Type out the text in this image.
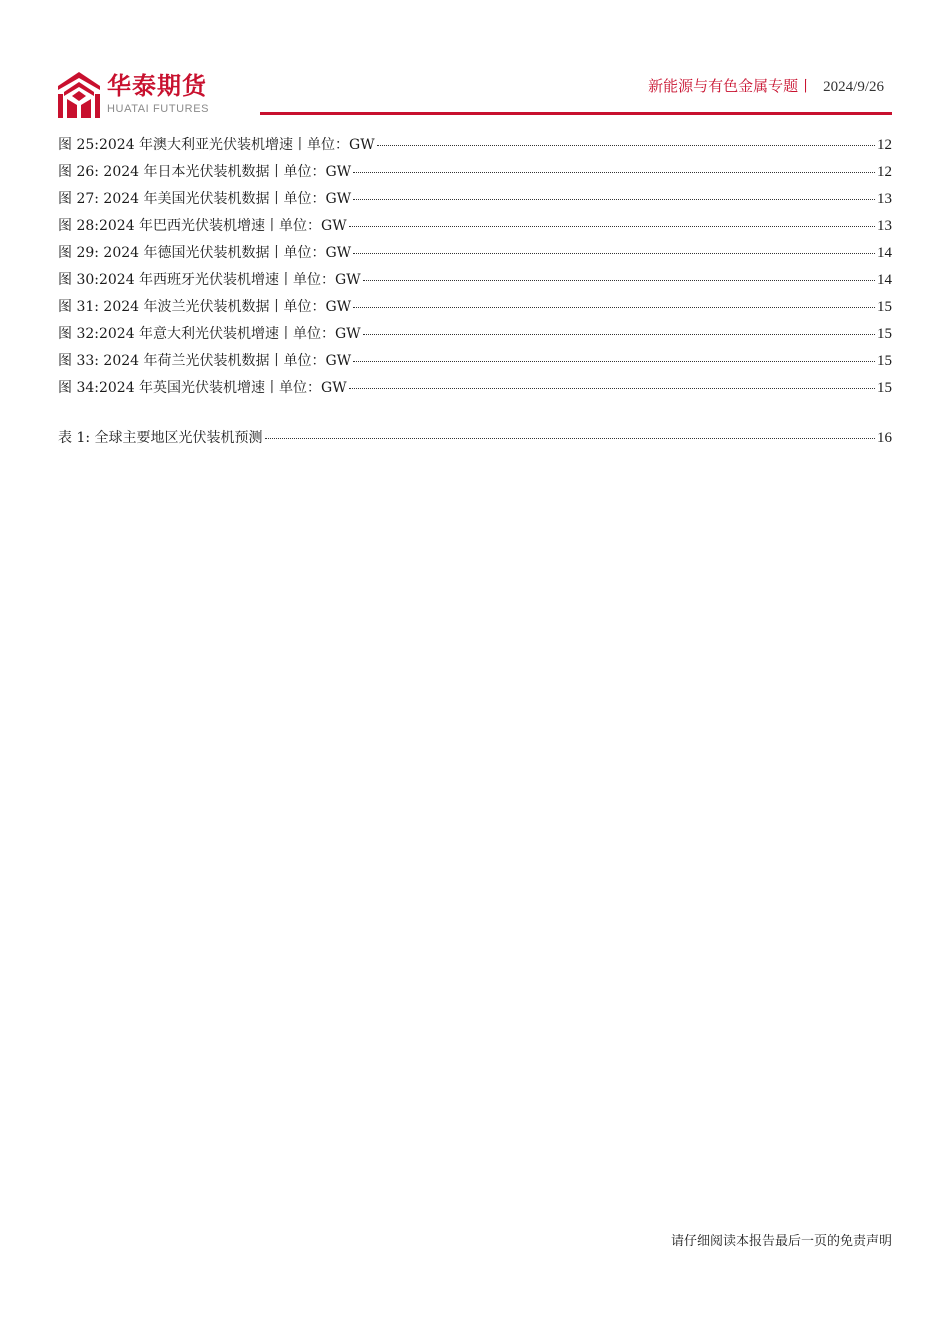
华泰期货
HUATAI FUTURES
新能源与有色金属专题丨 2024/9/26
图 25:2024 年澳大利亚光伏装机增速丨单位：GW	12
图 26: 2024 年日本光伏装机数据丨单位：GW	12
图 27: 2024 年美国光伏装机数据丨单位：GW	13
图 28:2024 年巴西光伏装机增速丨单位：GW	13
图 29: 2024 年德国光伏装机数据丨单位：GW	14
图 30:2024 年西班牙光伏装机增速丨单位：GW	14
图 31: 2024 年波兰光伏装机数据丨单位：GW	15
图 32:2024 年意大利光伏装机增速丨单位：GW	15
图 33: 2024 年荷兰光伏装机数据丨单位：GW	15
图 34:2024 年英国光伏装机增速丨单位：GW	15
表 1: 全球主要地区光伏装机预测	16
请仔细阅读本报告最后一页的免责声明
